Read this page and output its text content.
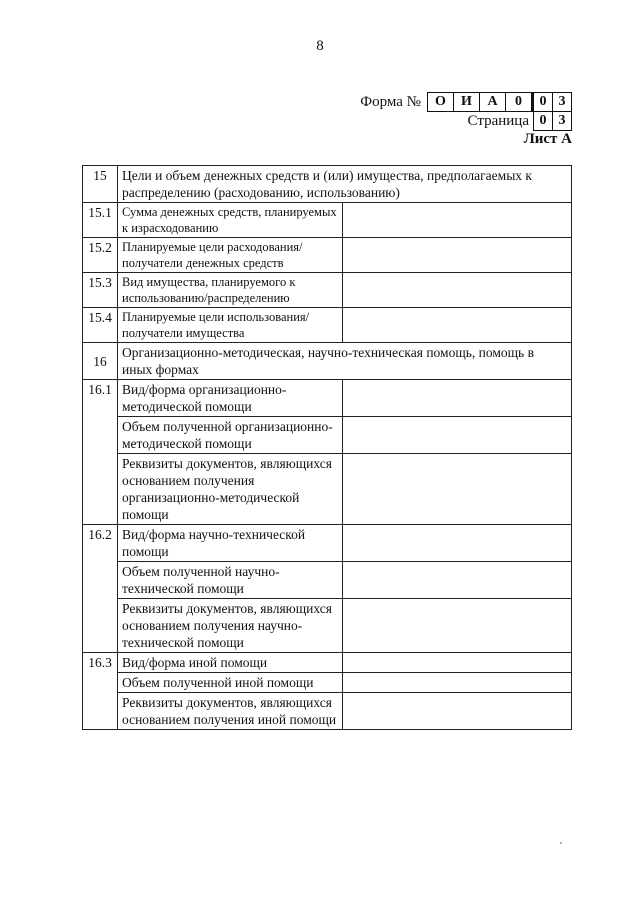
8
Форма №	О	И	А	0	0 3
Страница 0 3
Лист А
15	Цели и объем денежных средств и (или) имущества, предполагаемых к распределению (расходованию, использованию)	
15.1	Сумма денежных средств, планируемых к израсходованию	
15.2	Планируемые цели расходования/ получатели денежных средств	
15.3	Вид имущества, планируемого к использованию/распределению	
15.4	Планируемые цели использования/ получатели имущества	
16	Организационно-методическая, научно-техническая помощь, помощь в иных формах	
16.1	Вид/форма организационно-методической помощи	
	Объем полученной организационно-методической помощи	
	Реквизиты документов, являющихся основанием получения организационно-методической помощи	
16.2	Вид/форма научно-технической помощи	
	Объем полученной научно-технической помощи	
	Реквизиты документов, являющихся основанием получения научно-технической помощи	
16.3	Вид/форма иной помощи	
	Объем полученной иной помощи	
	Реквизиты документов, являющихся основанием получения иной помощи	
